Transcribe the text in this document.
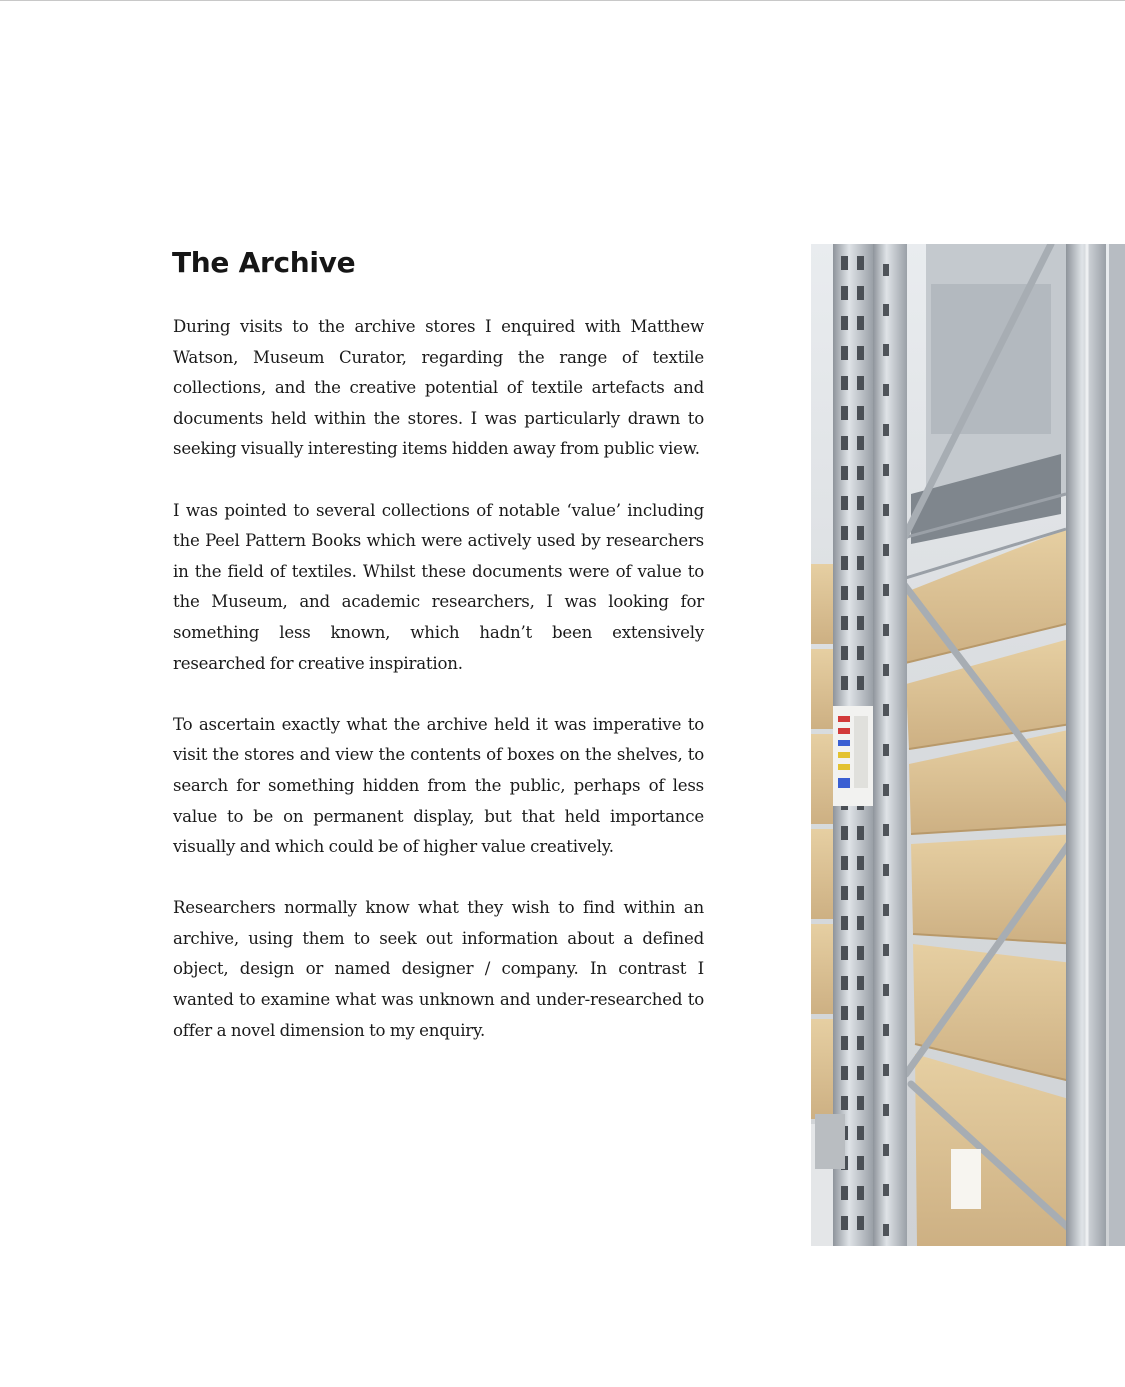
The Archive

During visits to the archive stores I enquired with Matthew Watson, Museum Curator, regarding the range of textile collections, and the creative potential of textile artefacts and documents held within the stores. I was particularly drawn to seeking visually interesting items hidden away from public view.

I was pointed to several collections of notable ‘value’ including the Peel Pattern Books which were actively used by researchers in the field of textiles. Whilst these documents were of value to the Museum, and academic researchers, I was looking for something less known, which hadn’t been extensively researched for creative inspiration.

To ascertain exactly what the archive held it was imperative to visit the stores and view the contents of boxes on the shelves, to search for something hidden from the public, perhaps of less value to be on permanent display, but that held importance visually and which could be of higher value creatively.

Researchers normally know what they wish to find within an archive, using them to seek out information about a defined object, design or named designer / company. In contrast I wanted to examine what was unknown and under-researched to offer a novel dimension to my enquiry.
